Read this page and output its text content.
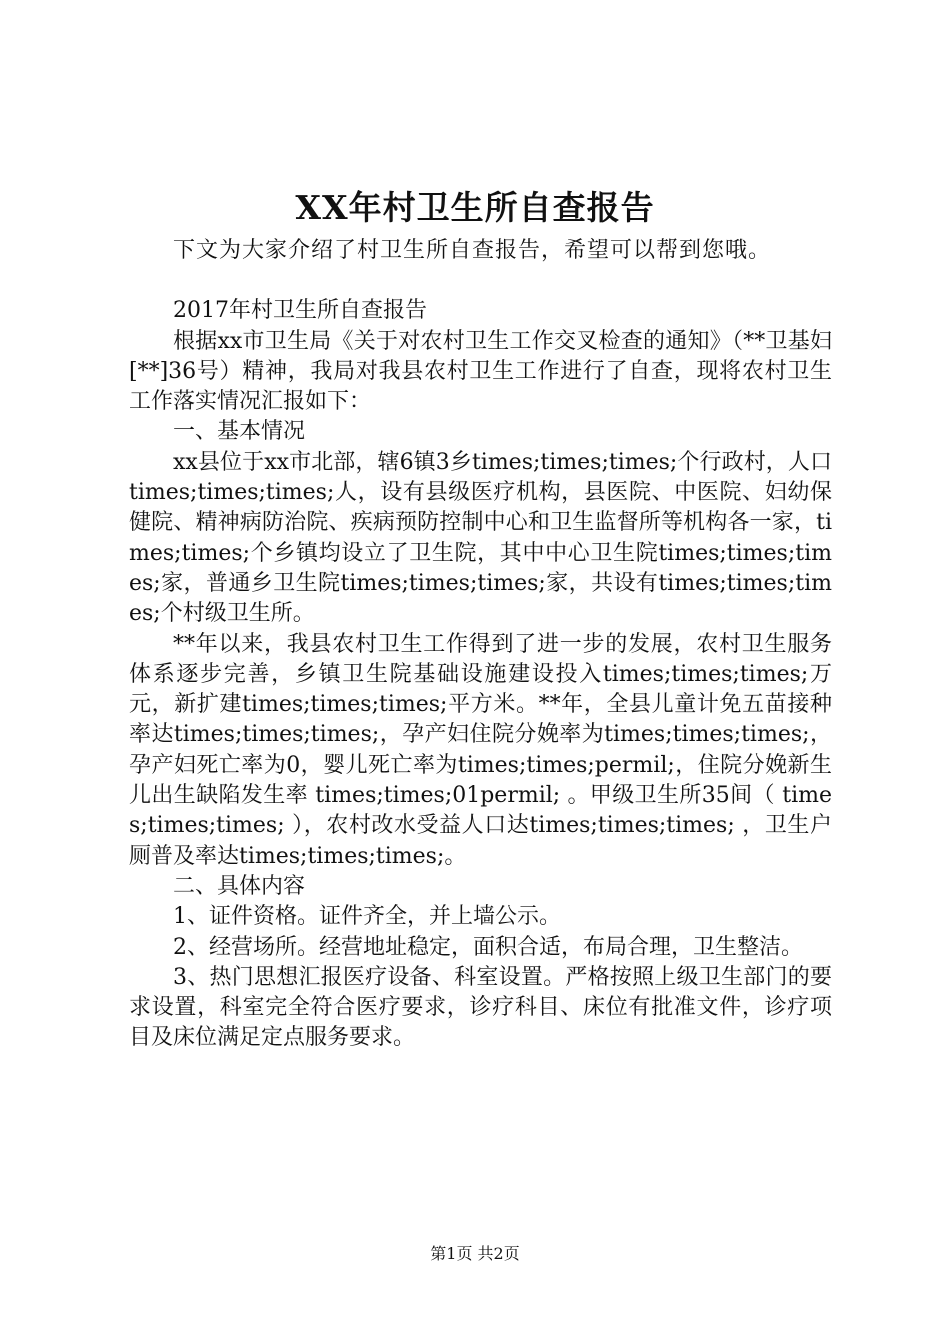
XX年村卫生所自查报告

下文为大家介绍了村卫生所自查报告，希望可以帮到您哦。

2017年村卫生所自查报告

根据xx市卫生局《关于对农村卫生工作交叉检查的通知》（**卫基妇[**]36号）精神，我局对我县农村卫生工作进行了自查，现将农村卫生工作落实情况汇报如下：

一、基本情况

xx县位于xx市北部，辖6镇3乡times;times;times;个行政村，人口times;times;times;人，设有县级医疗机构，县医院、中医院、妇幼保健院、精神病防治院、疾病预防控制中心和卫生监督所等机构各一家，times;times;个乡镇均设立了卫生院，其中中心卫生院times;times;times;家，普通乡卫生院times;times;times;家，共设有times;times;times;个村级卫生所。

**年以来，我县农村卫生工作得到了进一步的发展，农村卫生服务体系逐步完善，乡镇卫生院基础设施建设投入times;times;times;万元，新扩建times;times;times;平方米。**年，全县儿童计免五苗接种率达times;times;times;，孕产妇住院分娩率为times;times;times;，孕产妇死亡率为0，婴儿死亡率为times;times;permil;，住院分娩新生儿出生缺陷发生率 times;times;01permil; 。甲级卫生所35间（ times;times;times; ），农村改水受益人口达times;times;times; ，卫生户厕普及率达times;times;times;。

二、具体内容

1、证件资格。证件齐全，并上墙公示。

2、经营场所。经营地址稳定，面积合适，布局合理，卫生整洁。

3、热门思想汇报医疗设备、科室设置。严格按照上级卫生部门的要求设置，科室完全符合医疗要求，诊疗科目、床位有批准文件，诊疗项目及床位满足定点服务要求。

第1页 共2页
